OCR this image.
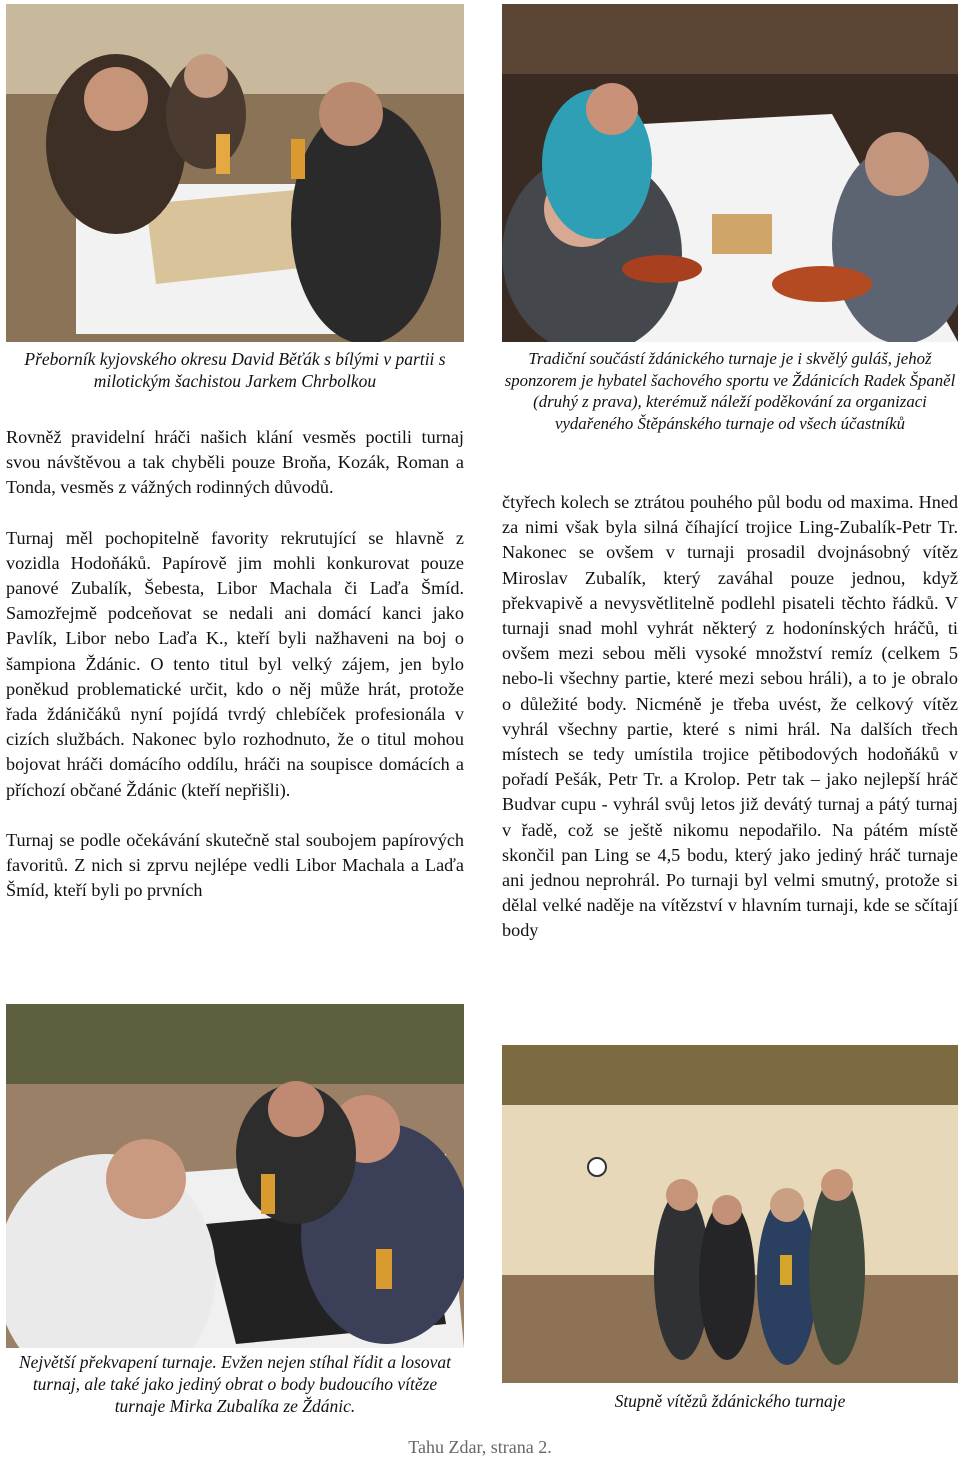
Přeborník kyjovského okresu David Běťák s bílými v partii s milotickým šachistou Jarkem Chrbolkou

Tradiční součástí ždánického turnaje je i skvělý guláš, jehož sponzorem je hybatel šachového sportu ve Ždánicích Radek Španěl (druhý z prava), kterémuž náleží poděkování za organizaci vydařeného Štěpánského turnaje od všech účastníků

Rovněž pravidelní hráči našich klání vesměs poctili turnaj svou návštěvou a tak chyběli pouze Broňa, Kozák, Roman a Tonda, vesměs z vážných rodinných důvodů.

Turnaj měl pochopitelně favority rekrutující se hlavně z vozidla Hodoňáků. Papírově jim mohli konkurovat pouze panové Zubalík, Šebesta, Libor Machala či Laďa Šmíd. Samozřejmě podceňovat se nedali ani domácí kanci jako Pavlík, Libor nebo Laďa K., kteří byli nažhaveni na boj o šampiona Ždánic. O tento titul byl velký zájem, jen bylo poněkud problematické určit, kdo o něj může hrát, protože řada ždáničáků nyní pojídá tvrdý chlebíček profesionála v cizích službách. Nakonec bylo rozhodnuto, že o titul mohou bojovat hráči domácího oddílu, hráči na soupisce domácích a příchozí občané Ždánic (kteří nepřišli).

Turnaj se podle očekávání skutečně stal soubojem papírových favoritů. Z nich si zprvu nejlépe vedli Libor Machala a Laďa Šmíd, kteří byli po prvních

čtyřech kolech se ztrátou pouhého půl bodu od maxima. Hned za nimi však byla silná číhající trojice Ling-Zubalík-Petr Tr. Nakonec se ovšem v turnaji prosadil dvojnásobný vítěz Miroslav Zubalík, který zaváhal pouze jednou, když překvapivě a nevysvětlitelně podlehl pisateli těchto řádků. V turnaji snad mohl vyhrát některý z hodonínských hráčů, ti ovšem mezi sebou měli vysoké množství remíz (celkem 5 nebo-li všechny partie, které mezi sebou hráli), a to je obralo o důležité body. Nicméně je třeba uvést, že celkový vítěz vyhrál všechny partie, které s nimi hrál. Na dalších třech místech se tedy umístila trojice pětibodových hodoňáků v pořadí Pešák, Petr Tr. a Krolop. Petr tak – jako nejlepší hráč Budvar cupu - vyhrál svůj letos již devátý turnaj a pátý turnaj v řadě, což se ještě nikomu nepodařilo. Na pátém místě skončil pan Ling se 4,5 bodu, který jako jediný hráč turnaje ani jednou neprohrál. Po turnaji byl velmi smutný, protože si dělal velké naděje na vítězství v hlavním turnaji, kde se sčítají body

Největší překvapení turnaje. Evžen nejen stíhal řídit a losovat turnaj, ale také jako jediný obrat o body budoucího vítěze turnaje Mirka Zubalíka ze Ždánic.	Stupně vítězů ždánického turnaje

Tahu Zdar, strana 2.
